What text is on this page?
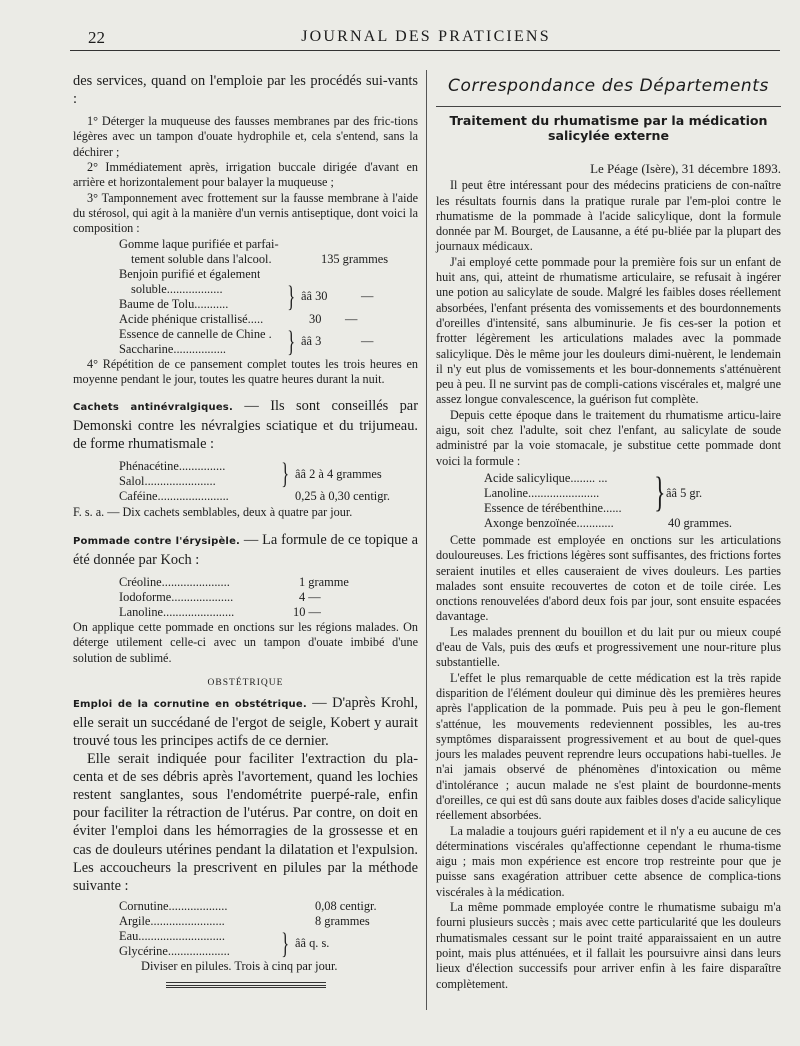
22	JOURNAL DES PRATICIENS

des services, quand on l'emploie par les procédés sui-vants :

1° Déterger la muqueuse des fausses membranes par des fric-tions légères avec un tampon d'ouate hydrophile et, cela s'entend, sans la déchirer ;

2° Immédiatement après, irrigation buccale dirigée d'avant en arrière et horizontalement pour balayer la muqueuse ;

3° Tamponnement avec frottement sur la fausse membrane à l'aide du stérosol, qui agit à la manière d'un vernis antiseptique, dont voici la composition :

Gomme laque purifiée et parfai-
tement soluble dans l'alcool.	135 grammes
Benjoin purifié et également
soluble..................
Baume de Tolu...........	} ââ 30	—
Acide phénique cristallisé.....	30	—
Essence de cannelle de Chine .
Saccharine.................	} ââ 3	—

4° Répétition de ce pansement complet toutes les trois heures en moyenne pendant le jour, toutes les quatre heures durant la nuit.

Cachets antinévralgiques. — Ils sont conseillés par Demonski contre les névralgies sciatique et du trijumeau. de forme rhumatismale :

Phénacétine...............
Salol.......................	} ââ 2 à 4 grammes
Caféine.......................	0,25 à 0,30 centigr.

F. s. a. — Dix cachets semblables, deux à quatre par jour.

Pommade contre l'érysipèle. — La formule de ce topique a été donnée par Koch :

Créoline......................	1 gramme
Iodoforme....................	4 —
Lanoline.......................	10 —

On applique cette pommade en onctions sur les régions malades. On déterge utilement celle-ci avec un tampon d'ouate imbibé d'une solution de sublimé.

OBSTÉTRIQUE

Emploi de la cornutine en obstétrique. — D'après Krohl, elle serait un succédané de l'ergot de seigle, Kobert y aurait trouvé tous les principes actifs de ce dernier.

Elle serait indiquée pour faciliter l'extraction du pla-centa et de ses débris après l'avortement, quand les lochies restent sanglantes, sous l'endométrite puerpé-rale, enfin pour faciliter la rétraction de l'utérus. Par contre, on doit en éviter l'emploi dans les hémorragies de la grossesse et en cas de douleurs utérines pendant la dilatation et l'expulsion. Les accoucheurs la prescrivent en pilules par la méthode suivante :

Cornutine...................	0,08 centigr.
Argile........................	8 grammes
Eau............................
Glycérine....................	} ââ q. s.
Diviser en pilules. Trois à cinq par jour.
Correspondance des Départements
Traitement du rhumatisme par la médication salicylée externe

Le Péage (Isère), 31 décembre 1893.

Il peut être intéressant pour des médecins praticiens de con-naître les résultats fournis dans la pratique rurale par l'em-ploi contre le rhumatisme de la pommade à l'acide salicylique, dont la formule donnée par M. Bourget, de Lausanne, a été pu-bliée par la plupart des journaux médicaux.

J'ai employé cette pommade pour la première fois sur un enfant de huit ans, qui, atteint de rhumatisme articulaire, se refusait à ingérer une potion au salicylate de soude. Malgré les faibles doses réellement absorbées, l'enfant présenta des vomissements et des bourdonnements d'oreilles d'intensité, sans albuminurie. Je fis ces-ser la potion et frotter légèrement les articulations malades avec la pommade salicylique. Dès le même jour les douleurs dimi-nuèrent, le lendemain il n'y eut plus de vomissements et les bour-donnements s'atténuèrent peu à peu. Il ne survint pas de compli-cations viscérales et, malgré une assez longue convalescence, la guérison fut complète.

Depuis cette époque dans le traitement du rhumatisme articu-laire aigu, soit chez l'adulte, soit chez l'enfant, au salicylate de soude administré par la voie stomacale, je substitue cette pommade dont voici la formule :

Acide salicylique........ ...
Lanoline.......................
Essence de térébenthine...... } ââ 5 gr.
Axonge benzoïnée............	40 grammes.

Cette pommade est employée en onctions sur les articulations douloureuses. Les frictions légères sont suffisantes, des frictions fortes seraient inutiles et elles causeraient de vives douleurs. Les parties malades sont ensuite recouvertes de coton et de toile cirée. Les onctions renouvelées d'abord deux fois par jour, sont ensuite espacées davantage.

Les malades prennent du bouillon et du lait pur ou mieux coupé d'eau de Vals, puis des œufs et progressivement une nour-riture plus substantielle.

L'effet le plus remarquable de cette médication est la très rapide disparition de l'élément douleur qui diminue dès les premières heures après l'application de la pommade. Puis peu à peu le gon-flement s'atténue, les mouvements redeviennent possibles, les au-tres symptômes disparaissent progressivement et au bout de quel-ques jours les malades peuvent reprendre leurs occupations habi-tuelles. Je n'ai jamais observé de phénomènes d'intoxication ou même d'intolérance ; aucun malade ne s'est plaint de bourdonne-ments d'oreilles, ce qui est dû sans doute aux faibles doses d'acide salicylique réellement absorbées.

La maladie a toujours guéri rapidement et il n'y a eu aucune de ces déterminations viscérales qu'affectionne cependant le rhuma-tisme aigu ; mais mon expérience est encore trop restreinte pour que je puisse sans exagération attribuer cette absence de complica-tions viscérales à la médication.

La même pommade employée contre le rhumatisme subaigu m'a fourni plusieurs succès ; mais avec cette particularité que les douleurs rhumatismales cessant sur le point traité apparaissaient en un autre point, mais plus atténuées, et il fallait les poursuivre ainsi dans leurs lieux d'élection successifs pour arriver enfin à les faire disparaître complètement.
